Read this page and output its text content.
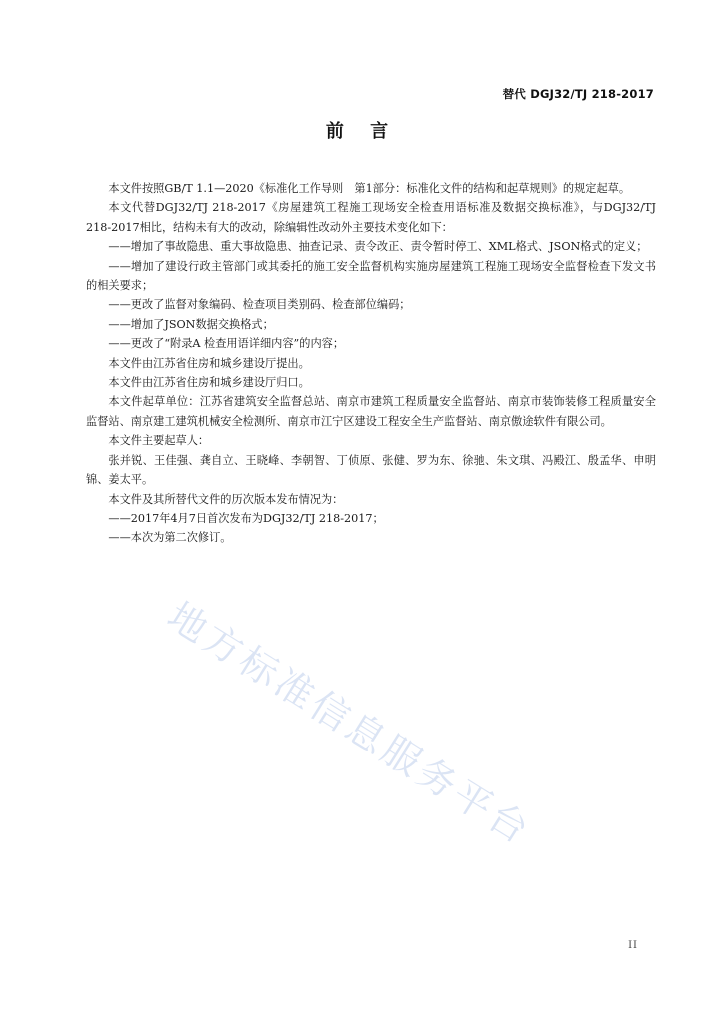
替代 DGJ32/TJ 218-2017
前 言

本文件按照GB/T 1.1—2020《标准化工作导则　第1部分：标准化文件的结构和起草规则》的规定起草。

本文代替DGJ32/TJ 218-2017《房屋建筑工程施工现场安全检查用语标准及数据交换标准》，与DGJ32/TJ 218-2017相比，结构未有大的改动，除编辑性改动外主要技术变化如下：

——增加了事故隐患、重大事故隐患、抽查记录、责令改正、责令暂时停工、XML格式、JSON格式的定义；

——增加了建设行政主管部门或其委托的施工安全监督机构实施房屋建筑工程施工现场安全监督检查下发文书的相关要求；

——更改了监督对象编码、检查项目类别码、检查部位编码；

——增加了JSON数据交换格式；

——更改了“附录A 检查用语详细内容”的内容；

本文件由江苏省住房和城乡建设厅提出。

本文件由江苏省住房和城乡建设厅归口。

本文件起草单位：江苏省建筑安全监督总站、南京市建筑工程质量安全监督站、南京市装饰装修工程质量安全监督站、南京建工建筑机械安全检测所、南京市江宁区建设工程安全生产监督站、南京傲途软件有限公司。

本文件主要起草人：

张并锐、王佳强、龚自立、王晓峰、李朝智、丁侦原、张健、罗为东、徐驰、朱文琪、冯殿江、殷孟华、申明锦、姜太平。

本文件及其所替代文件的历次版本发布情况为：

——2017年4月7日首次发布为DGJ32/TJ 218-2017；

——本次为第二次修订。

地方标准信息服务平台
II
